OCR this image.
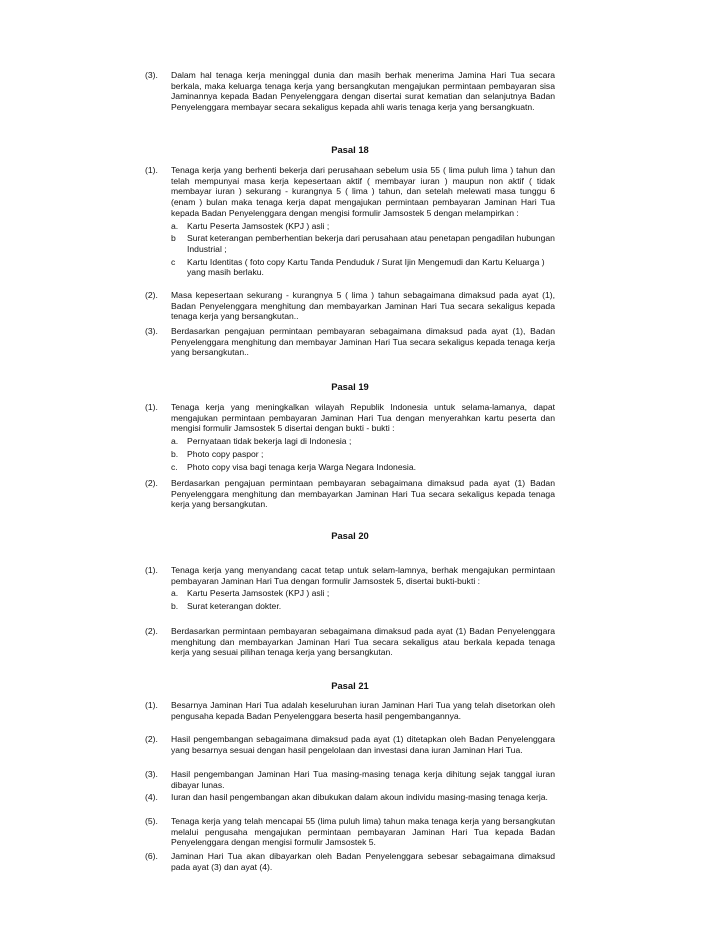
(3).	Dalam hal tenaga kerja meninggal dunia dan masih berhak menerima Jamina Hari Tua secara berkala, maka keluarga tenaga kerja yang bersangkutan mengajukan permintaan pembayaran sisa Jaminannya kepada Badan Penyelenggara dengan disertai surat kematian dan selanjutnya Badan Penyelenggara membayar secara sekaligus kepada ahli waris tenaga kerja yang bersangkuatn.
Pasal 18
(1).	Tenaga kerja yang berhenti bekerja dari perusahaan sebelum usia 55 ( lima puluh lima ) tahun dan telah mempunyai masa kerja kepesertaan aktif ( membayar iuran ) maupun non aktif ( tidak membayar iuran ) sekurang - kurangnya 5 ( lima ) tahun, dan setelah melewati masa tunggu 6 (enam ) bulan maka tenaga kerja dapat mengajukan permintaan pembayaran Jaminan Hari Tua kepada Badan Penyelenggara dengan mengisi formulir Jamsostek 5 dengan melampirkan :
a. Kartu Peserta Jamsostek (KPJ ) asli ;
b Surat keterangan pemberhentian bekerja dari perusahaan atau penetapan pengadilan hubungan Industrial ;
c Kartu Identitas ( foto copy Kartu Tanda Penduduk / Surat Ijin Mengemudi dan Kartu Keluarga ) yang masih berlaku.
(2).	Masa kepesertaan sekurang - kurangnya 5 ( lima ) tahun sebagaimana dimaksud pada ayat (1), Badan Penyelenggara menghitung dan membayarkan Jaminan Hari Tua secara sekaligus kepada tenaga kerja yang bersangkutan..
(3).	Berdasarkan pengajuan permintaan pembayaran sebagaimana dimaksud pada ayat (1), Badan Penyelenggara menghitung dan membayar Jaminan Hari Tua secara sekaligus kepada tenaga kerja yang bersangkutan..
Pasal 19
(1).	Tenaga kerja yang meningkalkan wilayah Republik Indonesia untuk selama-lamanya, dapat mengajukan permintaan pembayaran Jaminan Hari Tua dengan menyerahkan kartu peserta dan mengisi formulir Jamsostek 5 disertai dengan bukti - bukti :
a. Pernyataan tidak bekerja lagi di Indonesia ;
b. Photo copy paspor ;
c. Photo copy visa bagi tenaga kerja Warga Negara Indonesia.
(2).	Berdasarkan pengajuan permintaan pembayaran sebagaimana dimaksud pada ayat (1) Badan Penyelenggara menghitung dan membayarkan Jaminan Hari Tua secara sekaligus kepada tenaga kerja yang bersangkutan.
Pasal 20
(1).	Tenaga kerja yang menyandang cacat tetap untuk selam-lamnya, berhak mengajukan permintaan pembayaran Jaminan Hari Tua dengan formulir Jamsostek 5, disertai bukti-bukti :
a. Kartu Peserta Jamsostek (KPJ ) asli ;
b. Surat keterangan dokter.
(2).	Berdasarkan permintaan pembayaran sebagaimana dimaksud pada ayat (1) Badan Penyelenggara menghitung dan membayarkan Jaminan Hari Tua secara sekaligus atau berkala kepada tenaga kerja yang sesuai pilihan tenaga kerja yang bersangkutan.
Pasal 21
(1).	Besarnya Jaminan Hari Tua adalah keseluruhan iuran Jaminan Hari Tua yang telah disetorkan oleh pengusaha kepada Badan Penyelenggara beserta hasil pengembangannya.
(2).	Hasil pengembangan sebagaimana dimaksud pada ayat (1) ditetapkan oleh Badan Penyelenggara yang besarnya sesuai dengan hasil pengelolaan dan investasi dana iuran Jaminan Hari Tua.
(3).	Hasil pengembangan Jaminan Hari Tua masing-masing tenaga kerja dihitung sejak tanggal iuran dibayar lunas.
(4).	Iuran dan hasil pengembangan akan dibukukan dalam akoun individu masing-masing tenaga kerja.
(5).	Tenaga kerja yang telah mencapai 55 (lima puluh lima) tahun maka tenaga kerja yang bersangkutan melalui pengusaha mengajukan permintaan pembayaran Jaminan Hari Tua kepada Badan Penyelenggara dengan mengisi formulir Jamsostek 5.
(6).	Jaminan Hari Tua akan dibayarkan oleh Badan Penyelenggara sebesar sebagaimana dimaksud pada ayat (3) dan ayat (4).
